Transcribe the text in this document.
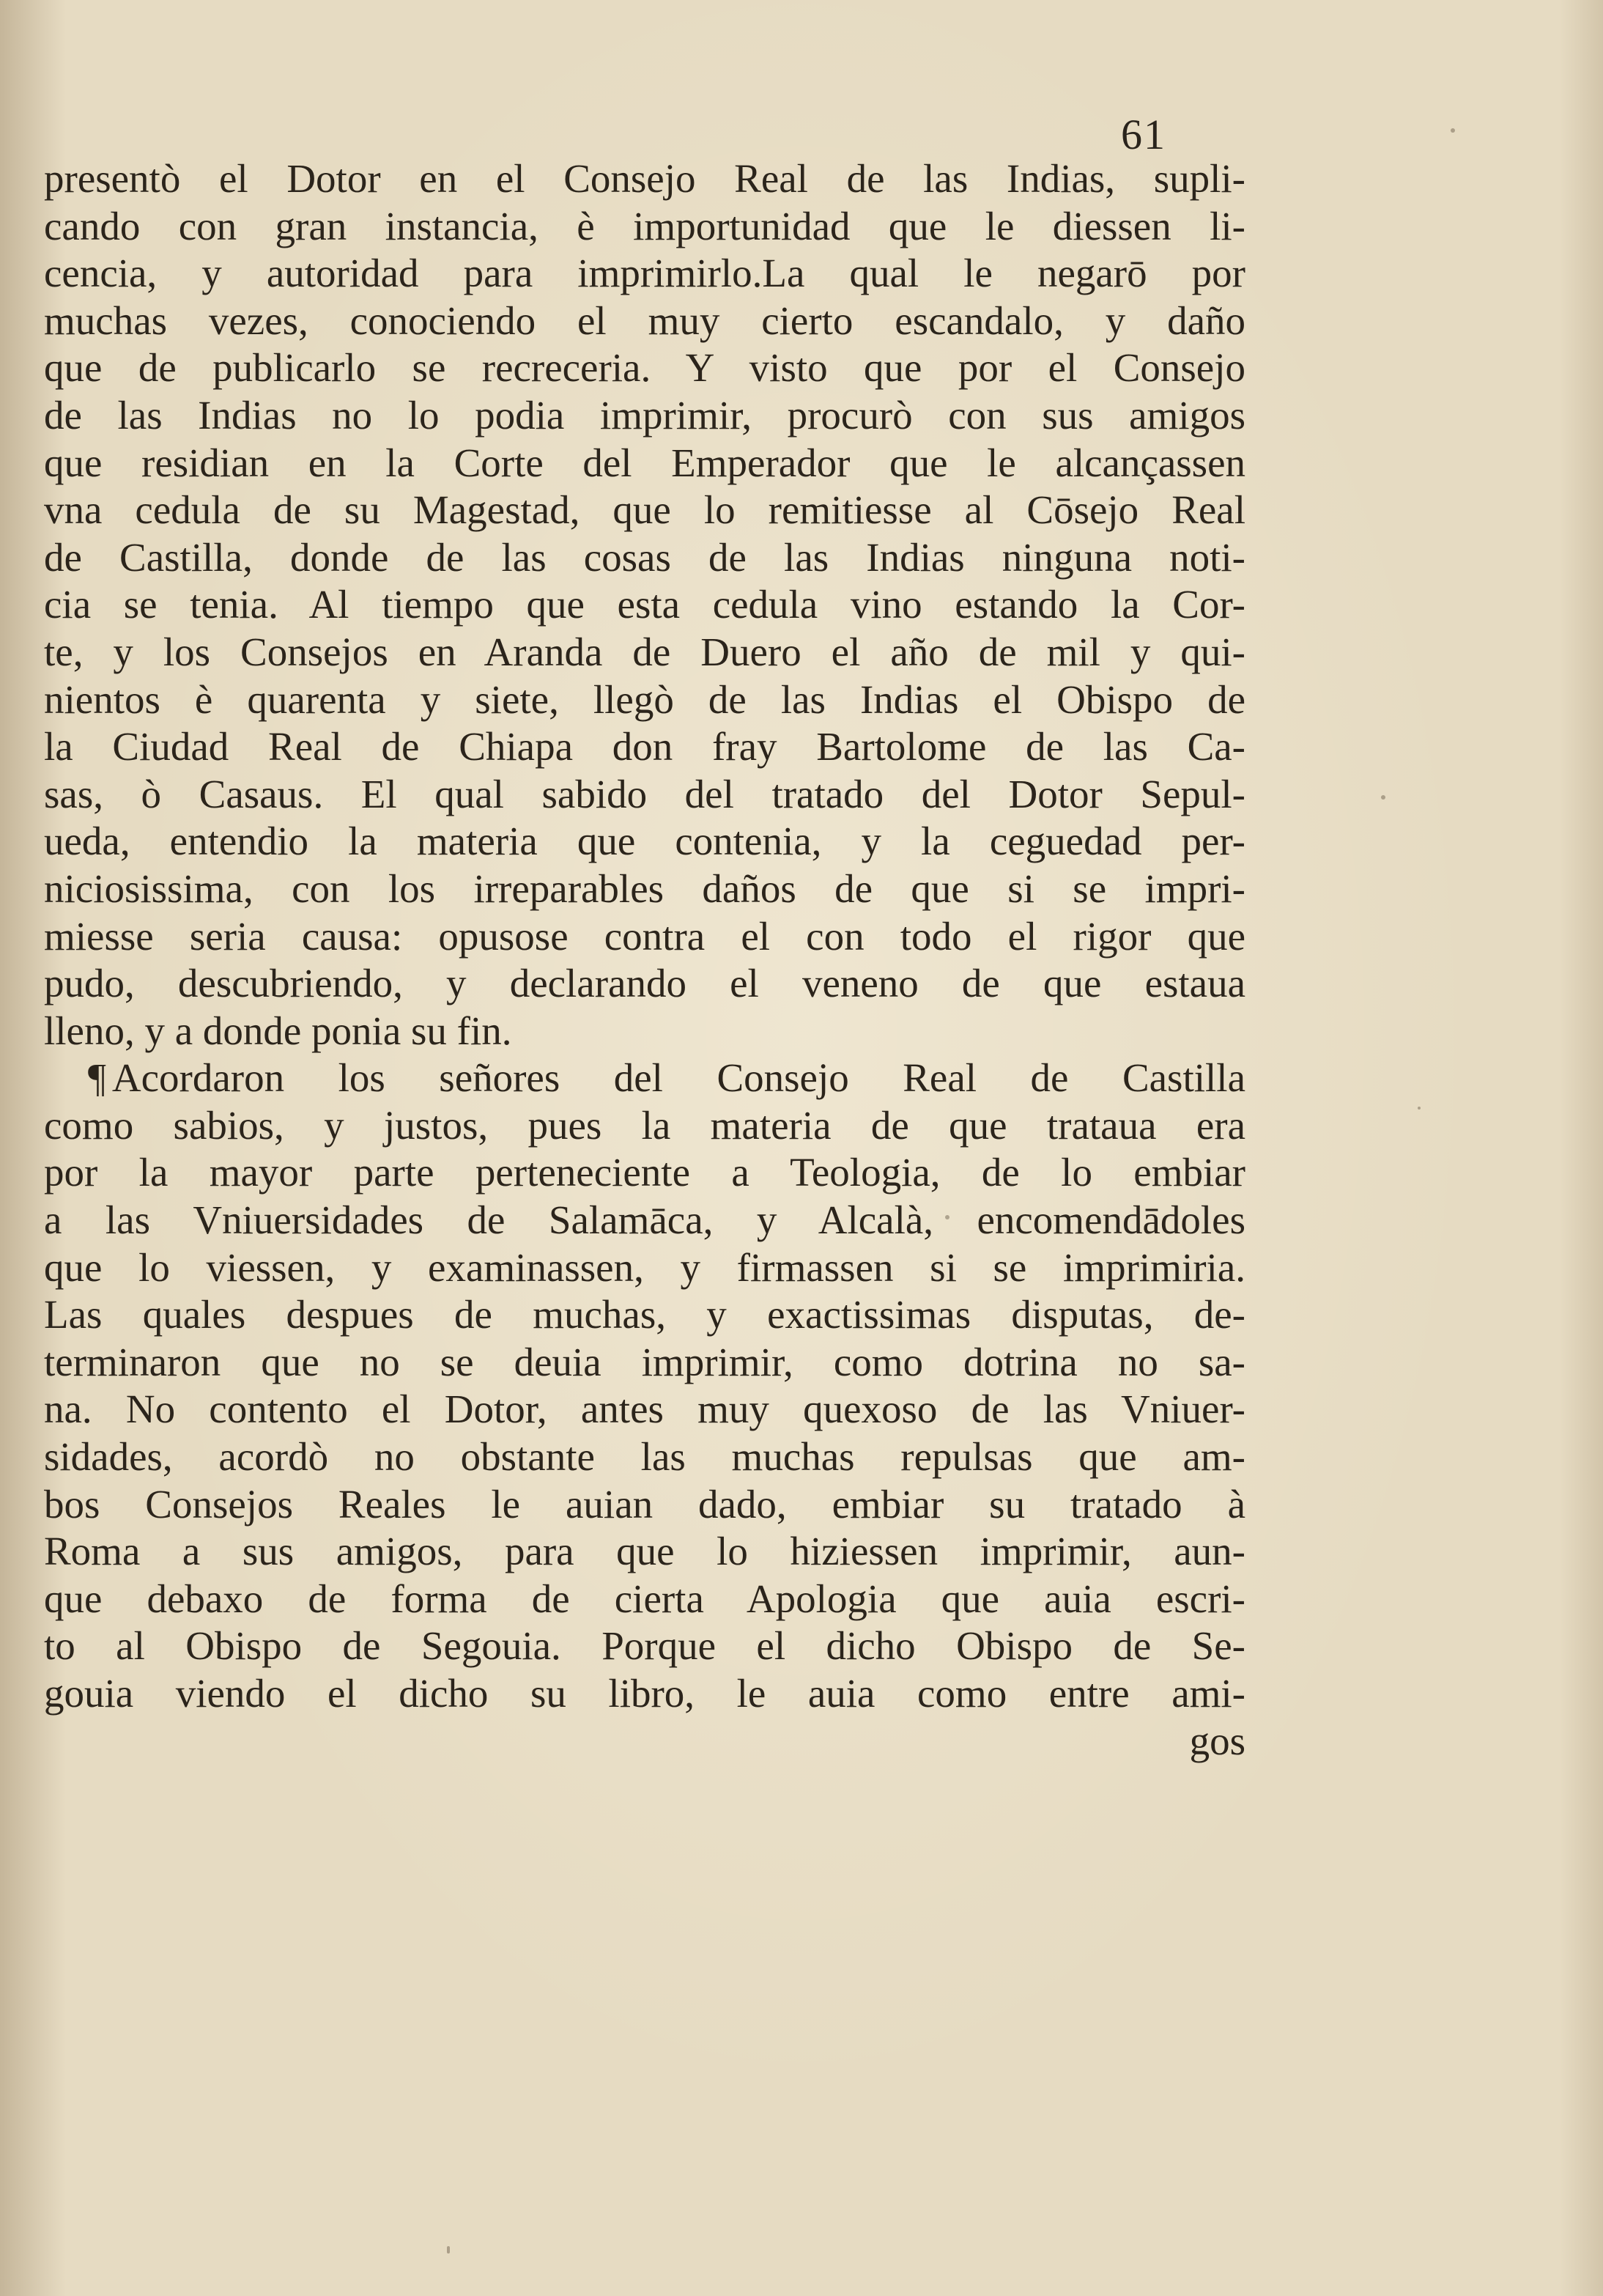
61
presentò el Dotor en el Consejo Real de las Indias, supli-
cando con gran instancia, è importunidad que le diessen li-
cencia, y autoridad para imprimirlo.La qual le negarō por
muchas vezes, conociendo el muy cierto escandalo, y daño
que de publicarlo se recreceria. Y visto que por el Consejo
de las Indias no lo podia imprimir, procurò con sus amigos
que residian en la Corte del Emperador que le alcançassen
vna cedula de su Magestad, que lo remitiesse al Cōsejo Real
de Castilla, donde de las cosas de las Indias ninguna noti-
cia se tenia. Al tiempo que esta cedula vino estando la Cor-
te, y los Consejos en Aranda de Duero el año de mil y qui-
nientos è quarenta y siete, llegò de las Indias el Obispo de
la Ciudad Real de Chiapa don fray Bartolome de las Ca-
sas, ò Casaus. El qual sabido del tratado del Dotor Sepul-
ueda, entendio la materia que contenia, y la ceguedad per-
niciosissima, con los irreparables daños de que si se impri-
miesse seria causa: opusose contra el con todo el rigor que
pudo, descubriendo, y declarando el veneno de que estaua
lleno, y a donde ponia su fin.
¶ Acordaron los señores del Consejo Real de Castilla
como sabios, y justos, pues la materia de que trataua era
por la mayor parte perteneciente a Teologia, de lo embiar
a las Vniuersidades de Salamāca, y Alcalà, encomendādoles
que lo viessen, y examinassen, y firmassen si se imprimiria.
Las quales despues de muchas, y exactissimas disputas, de-
terminaron que no se deuia imprimir, como dotrina no sa-
na. No contento el Dotor, antes muy quexoso de las Vniuer-
sidades, acordò no obstante las muchas repulsas que am-
bos Consejos Reales le auian dado, embiar su tratado à
Roma a sus amigos, para que lo hiziessen imprimir, aun-
que debaxo de forma de cierta Apologia que auia escri-
to al Obispo de Segouia. Porque el dicho Obispo de Se-
gouia viendo el dicho su libro, le auia como entre ami-
gos
